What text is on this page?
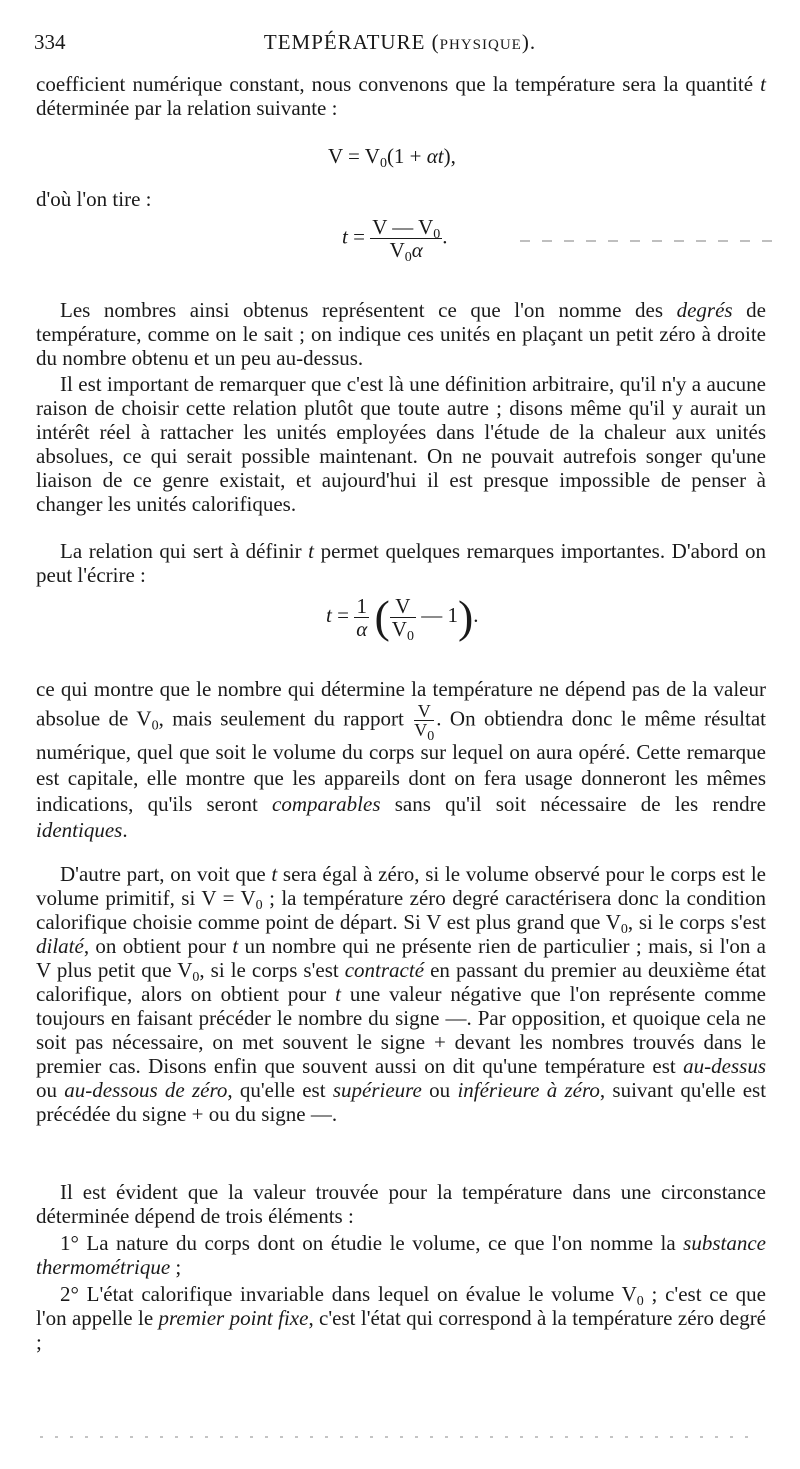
334	TEMPÉRATURE (PHYSIQUE).
coefficient numérique constant, nous convenons que la température sera la quantité t déterminée par la relation suivante :
$V = V_0(1 + \alpha t)$,
d'où l'on tire :
$t = \frac{V — V_0}{V_0\alpha}$ .
Les nombres ainsi obtenus représentent ce que l'on nomme des degrés de température, comme on le sait ; on indique ces unités en plaçant un petit zéro à droite du nombre obtenu et un peu au-dessus.
Il est important de remarquer que c'est là une définition arbitraire, qu'il n'y a aucune raison de choisir cette relation plutôt que toute autre ; disons même qu'il y aurait un intérêt réel à rattacher les unités employées dans l'étude de la chaleur aux unités absolues, ce qui serait possible maintenant. On ne pouvait autrefois songer qu'une liaison de ce genre existait, et aujourd'hui il est presque impossible de penser à changer les unités calorifiques.
La relation qui sert à définir t permet quelques remarques importantes. D'abord on peut l'écrire :
$t = \frac{1}{\alpha}$ ( $\frac{V}{V_0}$ — 1).
ce qui montre que le nombre qui détermine la température ne dépend pas de la valeur absolue de $V_0$, mais seulement du rapport $\frac{V}{V_0}$ . On obtiendra donc le même résultat numérique, quel que soit le volume du corps sur lequel on aura opéré. Cette remarque est capitale, elle montre que les appareils dont on fera usage donneront les mêmes indications, qu'ils seront comparables sans qu'il soit nécessaire de les rendre identiques.
D'autre part, on voit que t sera égal à zéro, si le volume observé pour le corps est le volume primitif, si $V = V_0$ ; la température zéro degré caractérisera donc la condition calorifique choisie comme point de départ. Si V est plus grand que $V_0$, si le corps s'est dilaté, on obtient pour t un nombre qui ne présente rien de particulier ; mais, si l'on a V plus petit que $V_0$, si le corps s'est contracté en passant du premier au deuxième état calorifique, alors on obtient pour t une valeur négative que l'on représente comme toujours en faisant précéder le nombre du signe —. Par opposition, et quoique cela ne soit pas nécessaire, on met souvent le signe + devant les nombres trouvés dans le premier cas. Disons enfin que souvent aussi on dit qu'une température est au-dessus ou au-dessous de zéro, qu'elle est supérieure ou inférieure à zéro, suivant qu'elle est précédée du signe + ou du signe —.
Il est évident que la valeur trouvée pour la température dans une circonstance déterminée dépend de trois éléments :
1° La nature du corps dont on étudie le volume, ce que l'on nomme la substance thermométrique ;
2° L'état calorifique invariable dans lequel on évalue le volume $V_0$ ; c'est ce que l'on appelle le premier point fixe, c'est l'état qui correspond à la température zéro degré ;
